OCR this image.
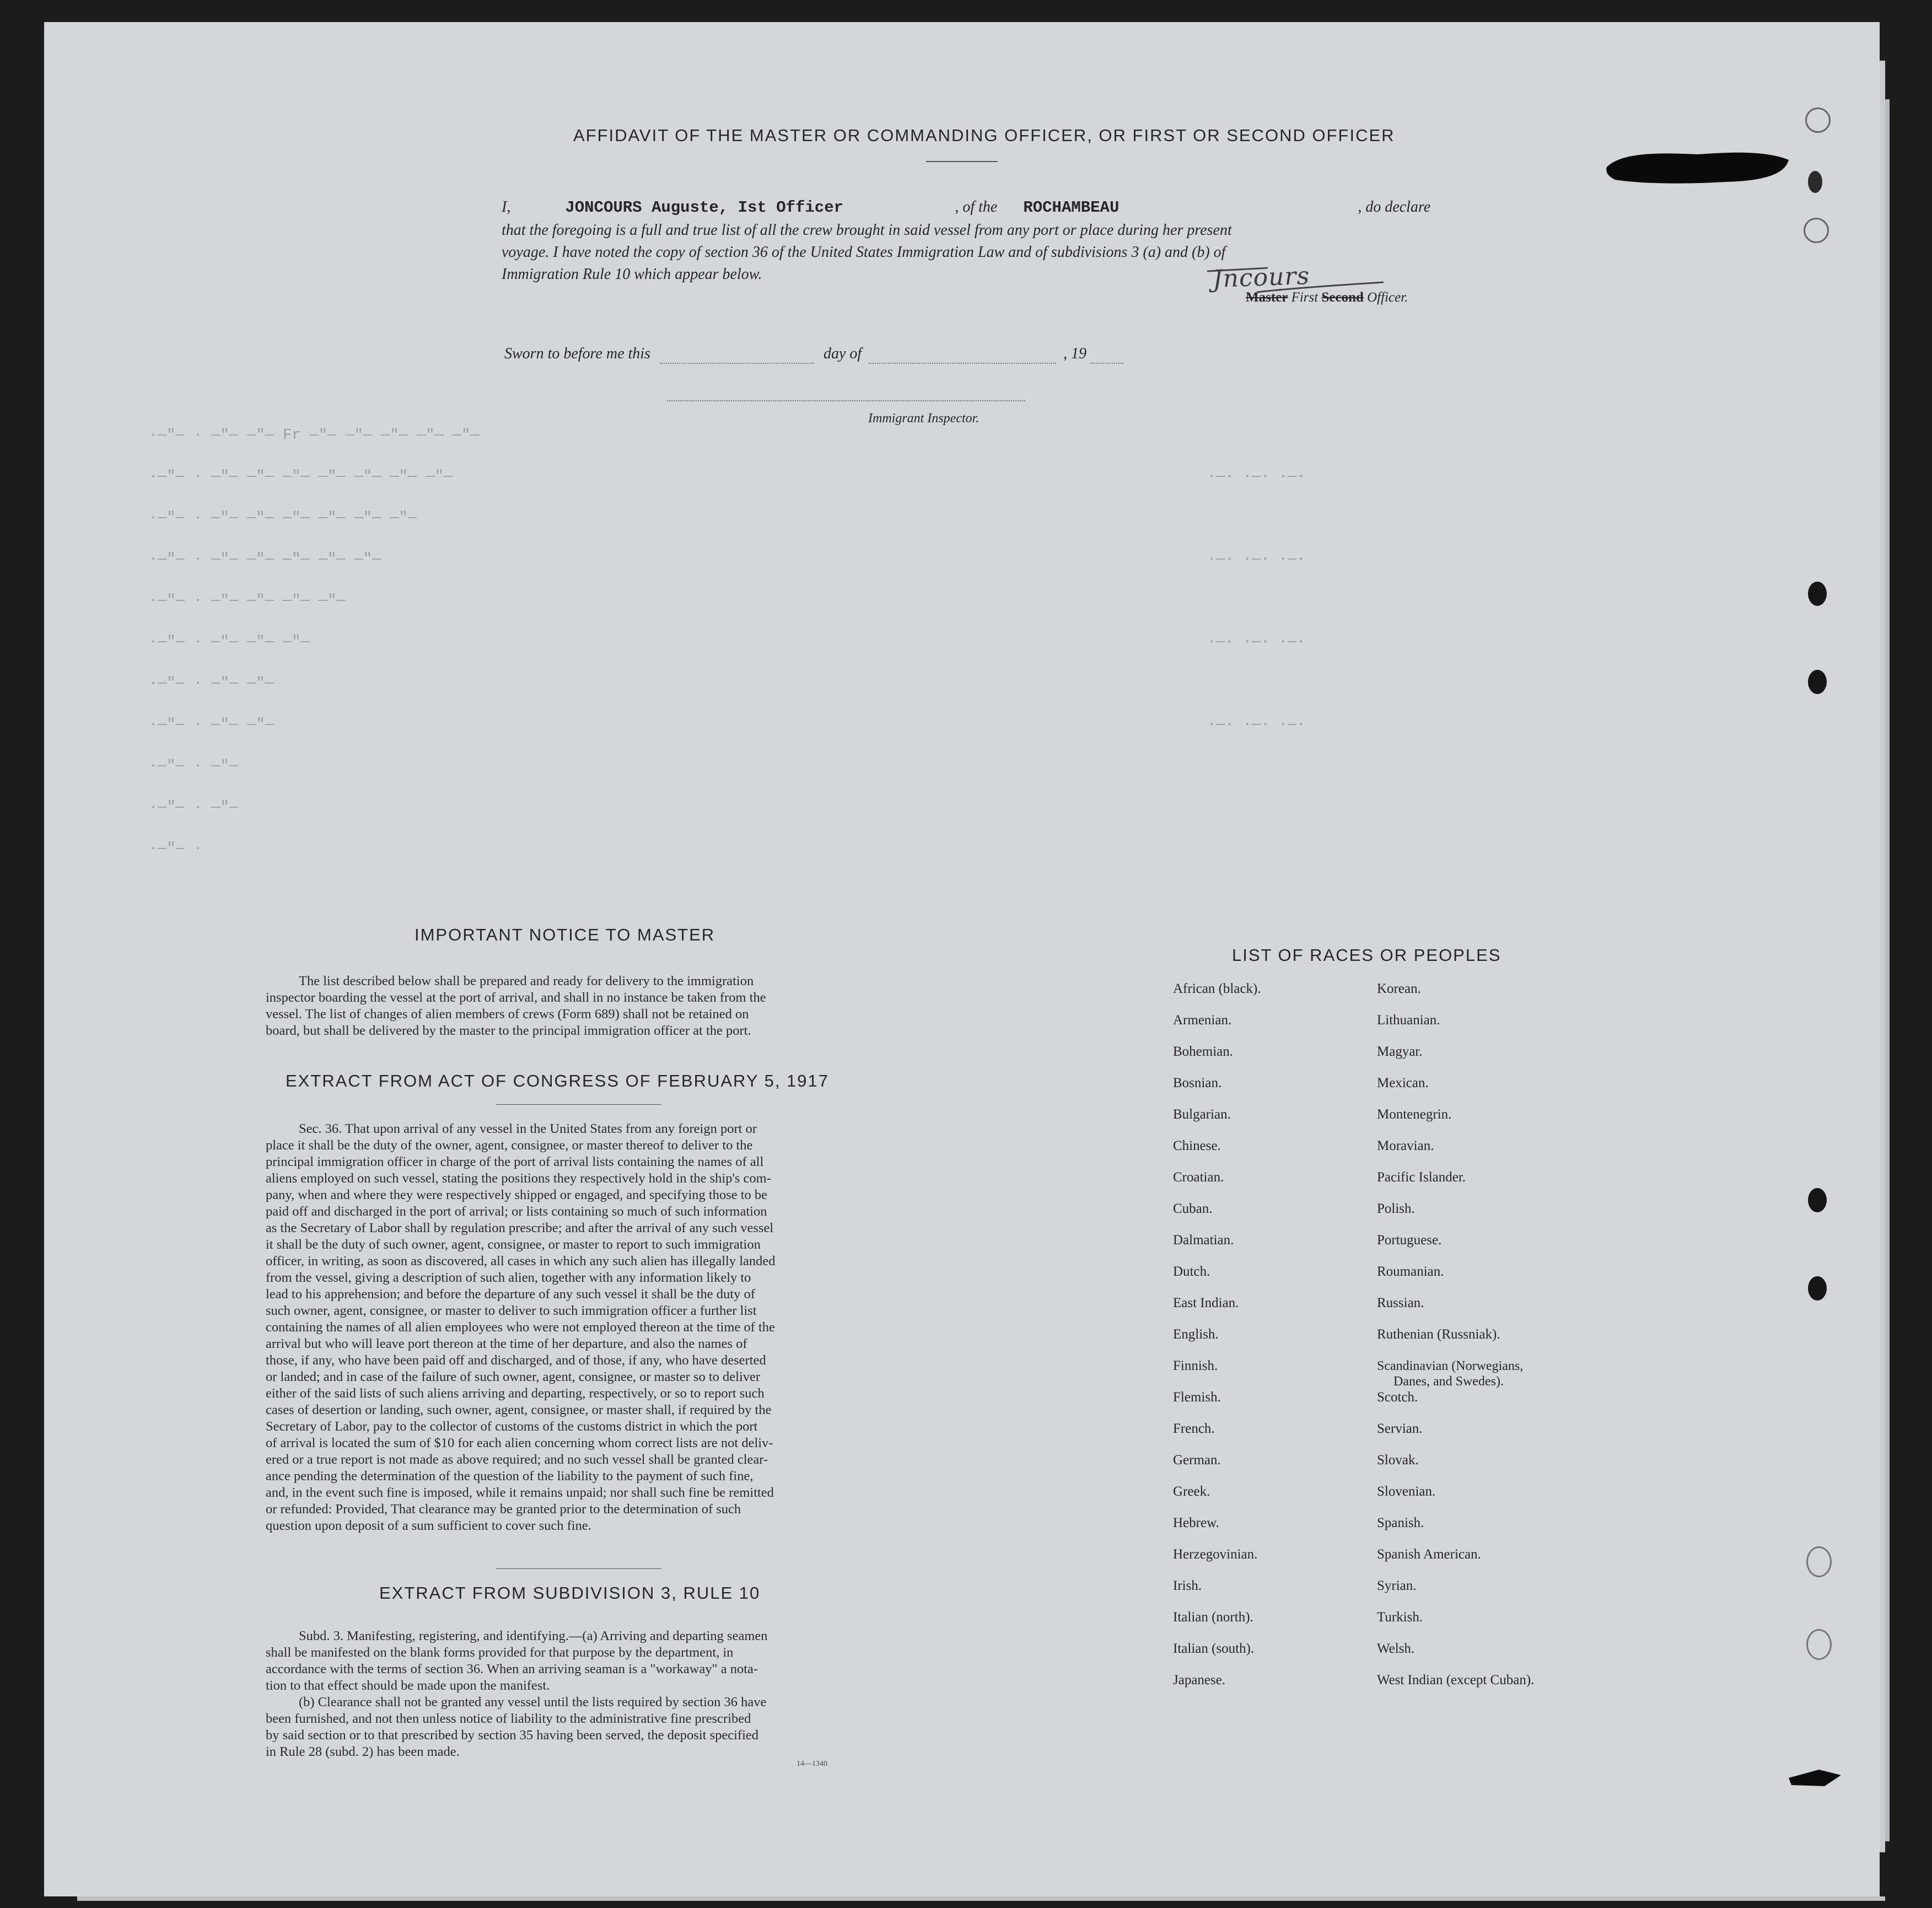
·—"— · —"— —"— Fr —"— —"— —"— —"— —"—
·—"— · —"— —"— —"— —"— —"— —"— —"—
·—"— · —"— —"— —"— —"— —"— —"—
·—"— · —"— —"— —"— —"— —"—
·—"— · —"— —"— —"— —"—
·—"— · —"— —"— —"—
·—"— · —"— —"—
·—"— · —"— —"—
·—"— · —"—
·—"— · —"—
·—"— ·
·—· ·—· ·—·
·—· ·—· ·—·
·—· ·—· ·—·
·—· ·—· ·—·
AFFIDAVIT OF THE MASTER OR COMMANDING OFFICER, OR FIRST OR SECOND OFFICER
I,	JONCOURS Auguste, Ist Officer	, of the ROCHAMBEAU	, do declare
that the foregoing is a full and true list of all the crew brought in said vessel from any port or place during her present
voyage. I have noted the copy of section 36 of the United States Immigration Law and of subdivisions 3 (a) and (b) of
Immigration Rule 10 which appear below.	Jncours
Master First Second Officer.
Sworn to before me this	day of	, 19
Immigrant Inspector.
IMPORTANT NOTICE TO MASTER
The list described below shall be prepared and ready for delivery to the immigration
inspector boarding the vessel at the port of arrival, and shall in no instance be taken from the
vessel. The list of changes of alien members of crews (Form 689) shall not be retained on
board, but shall be delivered by the master to the principal immigration officer at the port.
EXTRACT FROM ACT OF CONGRESS OF FEBRUARY 5, 1917
Sec. 36. That upon arrival of any vessel in the United States from any foreign port or
place it shall be the duty of the owner, agent, consignee, or master thereof to deliver to the
principal immigration officer in charge of the port of arrival lists containing the names of all
aliens employed on such vessel, stating the positions they respectively hold in the ship's com-
pany, when and where they were respectively shipped or engaged, and specifying those to be
paid off and discharged in the port of arrival; or lists containing so much of such information
as the Secretary of Labor shall by regulation prescribe; and after the arrival of any such vessel
it shall be the duty of such owner, agent, consignee, or master to report to such immigration
officer, in writing, as soon as discovered, all cases in which any such alien has illegally landed
from the vessel, giving a description of such alien, together with any information likely to
lead to his apprehension; and before the departure of any such vessel it shall be the duty of
such owner, agent, consignee, or master to deliver to such immigration officer a further list
containing the names of all alien employees who were not employed thereon at the time of the
arrival but who will leave port thereon at the time of her departure, and also the names of
those, if any, who have been paid off and discharged, and of those, if any, who have deserted
or landed; and in case of the failure of such owner, agent, consignee, or master so to deliver
either of the said lists of such aliens arriving and departing, respectively, or so to report such
cases of desertion or landing, such owner, agent, consignee, or master shall, if required by the
Secretary of Labor, pay to the collector of customs of the customs district in which the port
of arrival is located the sum of $10 for each alien concerning whom correct lists are not deliv-
ered or a true report is not made as above required; and no such vessel shall be granted clear-
ance pending the determination of the question of the liability to the payment of such fine,
and, in the event such fine is imposed, while it remains unpaid; nor shall such fine be remitted
or refunded: Provided, That clearance may be granted prior to the determination of such
question upon deposit of a sum sufficient to cover such fine.
EXTRACT FROM SUBDIVISION 3, RULE 10
Subd. 3. Manifesting, registering, and identifying.—(a) Arriving and departing seamen
shall be manifested on the blank forms provided for that purpose by the department, in
accordance with the terms of section 36. When an arriving seaman is a "workaway" a nota-
tion to that effect should be made upon the manifest.
(b) Clearance shall not be granted any vessel until the lists required by section 36 have
been furnished, and not then unless notice of liability to the administrative fine prescribed
by said section or to that prescribed by section 35 having been served, the deposit specified
in Rule 28 (subd. 2) has been made.
14—1340
LIST OF RACES OR PEOPLES
African (black).
Armenian.
Bohemian.
Bosnian.
Bulgarian.
Chinese.
Croatian.
Cuban.
Dalmatian.
Dutch.
East Indian.
English.
Finnish.
Flemish.
French.
German.
Greek.
Hebrew.
Herzegovinian.
Irish.
Italian (north).
Italian (south).
Japanese.
Korean.
Lithuanian.
Magyar.
Mexican.
Montenegrin.
Moravian.
Pacific Islander.
Polish.
Portuguese.
Roumanian.
Russian.
Ruthenian (Russniak).
Scandinavian (Norwegians,
Danes, and Swedes).
Scotch.
Servian.
Slovak.
Slovenian.
Spanish.
Spanish American.
Syrian.
Turkish.
Welsh.
West Indian (except Cuban).
